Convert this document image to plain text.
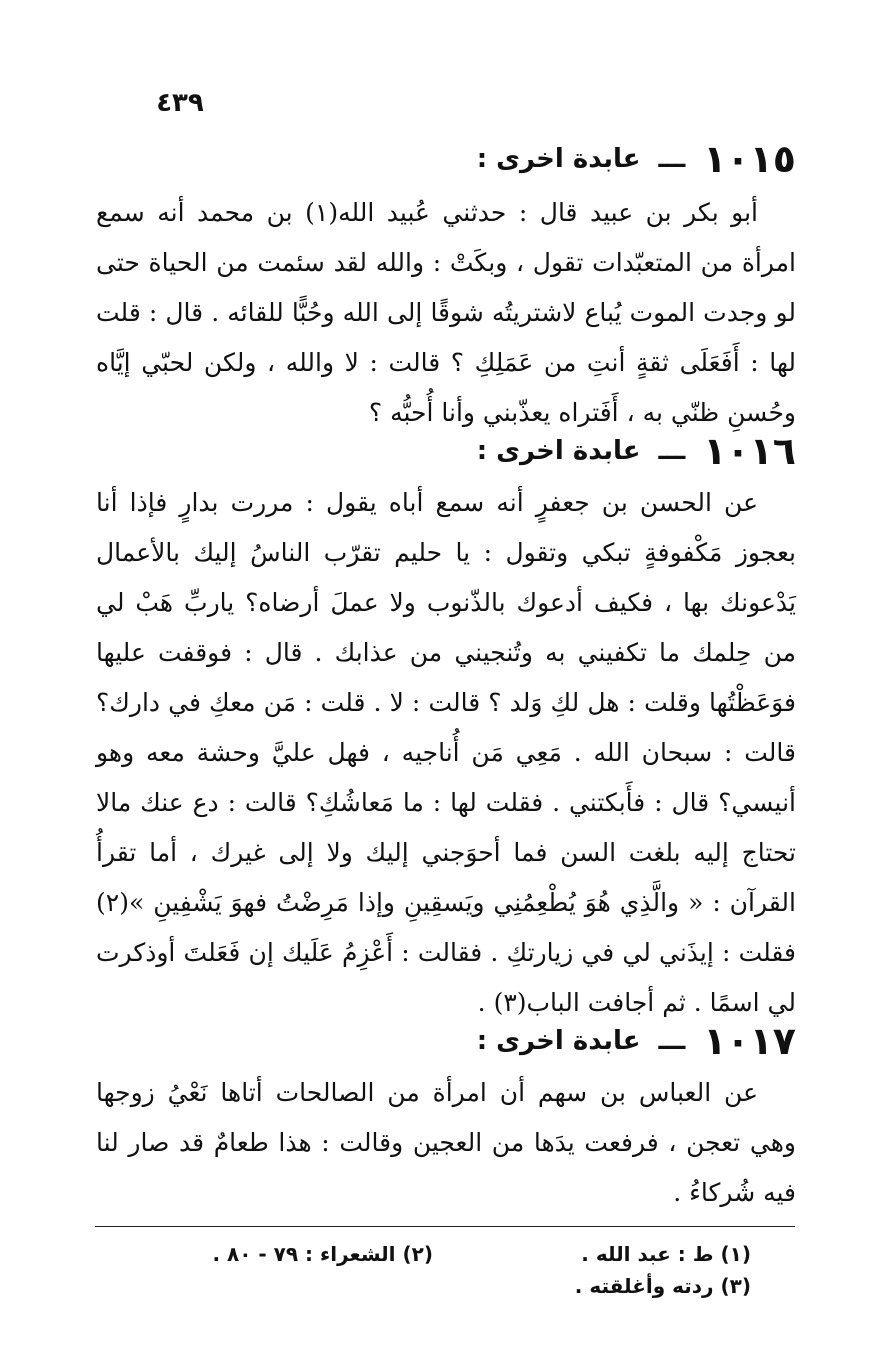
٤٣٩
١٠١٥
ـــ
عابدة اخرى :

أبو بكر بن عبيد قال : حدثني عُبيد الله(١) بن محمد أنه سمع امرأة من المتعبّدات تقول ، وبكَتْ : والله لقد سئمت من الحياة حتى لو وجدت الموت يُباع لاشتريتُه شوقًا إلى الله وحُبًّا للقائه . قال : قلت لها : أَفَعَلَى ثقةٍ أنتِ من عَمَلِكِ ؟ قالت : لا والله ، ولكن لحبّي إيَّاه وحُسنِ ظنّي به ، أَفَتراه يعذّبني وأنا أُحبُّه ؟

١٠١٦
ـــ
عابدة اخرى :

عن الحسن بن جعفرٍ أنه سمع أباه يقول : مررت بدارٍ فإذا أنا بعجوز مَكْفوفةٍ تبكي وتقول : يا حليم تقرّب الناسُ إليك بالأعمال يَدْعونك بها ، فكيف أدعوك بالذّنوب ولا عملَ أرضاه؟ ياربِّ هَبْ لي من حِلمك ما تكفيني به وتُنجيني من عذابك . قال : فوقفت عليها فوَعَظْتُها وقلت : هل لكِ وَلد ؟ قالت : لا . قلت : مَن معكِ في دارك؟ قالت : سبحان الله . مَعِي مَن أُناجيه ، فهل عليَّ وحشة معه وهو أنيسي؟ قال : فأَبكتني . فقلت لها : ما مَعاشُكِ؟ قالت : دع عنك مالا تحتاج إليه بلغت السن فما أحوَجني إليك ولا إلى غيرك ، أما تقرأُ القرآن : « والَّذِي هُوَ يُطْعِمُنِي ويَسقِينِ وإذا مَرِضْتُ فهوَ يَشْفِينِ »(٢) فقلت : إيذَني لي في زيارتكِ . فقالت : أَعْزِمُ عَلَيك إن فَعَلتَ أوذكرت لي اسمًا . ثم أجافت الباب(٣) .

١٠١٧
ـــ
عابدة اخرى :

عن العباس بن سهم أن امرأة من الصالحات أتاها نَعْيُ زوجها وهي تعجن ، فرفعت يدَها من العجين وقالت : هذا طعامٌ قد صار لنا فيه شُركاءُ .

(١) ط : عبد الله .
(٢) الشعراء : ٧٩ - ٨٠ .
(٣) ردته وأغلقته .
